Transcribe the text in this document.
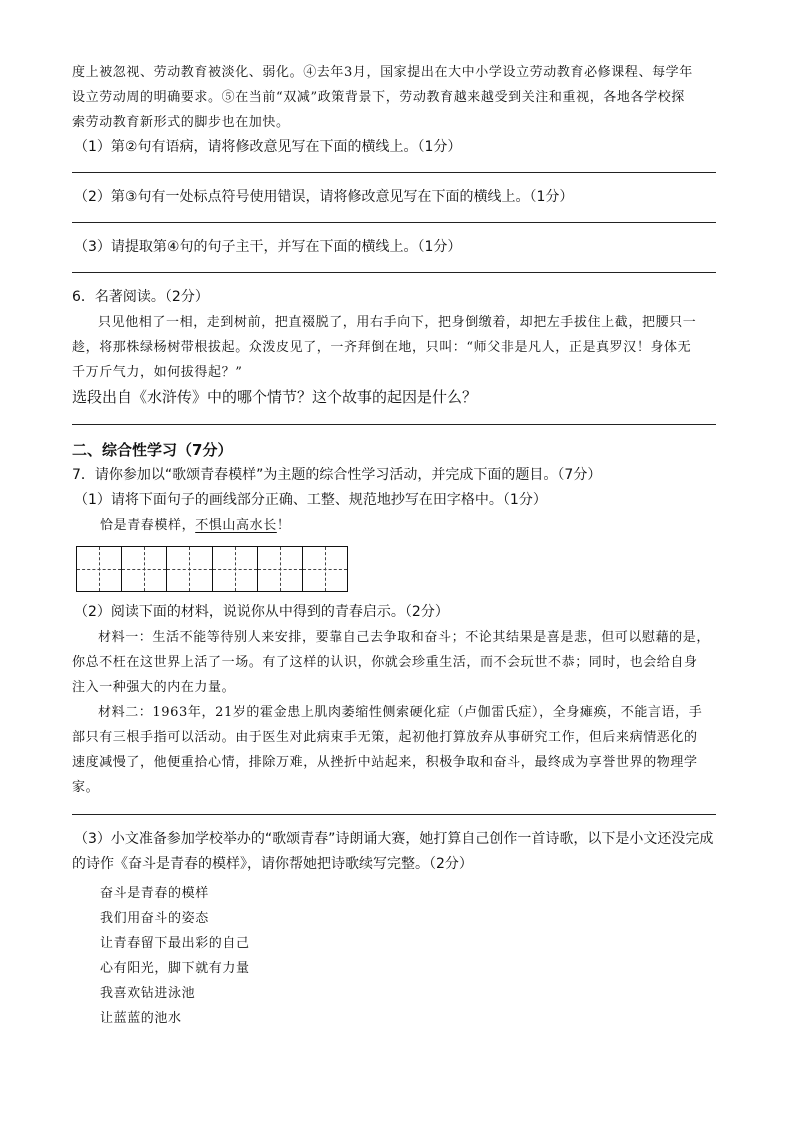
度上被忽视、劳动教育被淡化、弱化。④去年3月，国家提出在大中小学设立劳动教育必修课程、每学年

设立劳动周的明确要求。⑤在当前“双减”政策背景下，劳动教育越来越受到关注和重视，各地各学校探

索劳动教育新形式的脚步也在加快。

（1）第②句有语病，请将修改意见写在下面的横线上。（1分）

（2）第③句有一处标点符号使用错误，请将修改意见写在下面的横线上。（1分）

（3）请提取第④句的句子主干，并写在下面的横线上。（1分）

6．名著阅读。（2分）

只见他相了一相，走到树前，把直裰脱了，用右手向下，把身倒缴着，却把左手拔住上截，把腰只一

趁，将那株绿杨树带根拔起。众泼皮见了，一齐拜倒在地，只叫：“师父非是凡人，正是真罗汉！身体无

千万斤气力，如何拔得起？”

选段出自《水浒传》中的哪个情节？这个故事的起因是什么？

二、综合性学习（7分）

7．请你参加以“歌颂青春模样”为主题的综合性学习活动，并完成下面的题目。（7分）

（1）请将下面句子的画线部分正确、工整、规范地抄写在田字格中。（1分）

恰是青春模样，不惧山高水长！

（2）阅读下面的材料，说说你从中得到的青春启示。（2分）

材料一：生活不能等待别人来安排，要靠自己去争取和奋斗；不论其结果是喜是悲，但可以慰藉的是，

你总不枉在这世界上活了一场。有了这样的认识，你就会珍重生活，而不会玩世不恭；同时，也会给自身

注入一种强大的内在力量。

材料二：1963年，21岁的霍金患上肌肉萎缩性侧索硬化症（卢伽雷氏症），全身瘫痪，不能言语，手

部只有三根手指可以活动。由于医生对此病束手无策，起初他打算放弃从事研究工作，但后来病情恶化的

速度减慢了，他便重拾心情，排除万难，从挫折中站起来，积极争取和奋斗，最终成为享誉世界的物理学

家。

（3）小文准备参加学校举办的“歌颂青春”诗朗诵大赛，她打算自己创作一首诗歌，以下是小文还没完成

的诗作《奋斗是青春的模样》，请你帮她把诗歌续写完整。（2分）

奋斗是青春的模样

我们用奋斗的姿态

让青春留下最出彩的自己

心有阳光，脚下就有力量

我喜欢钻进泳池

让蓝蓝的池水
